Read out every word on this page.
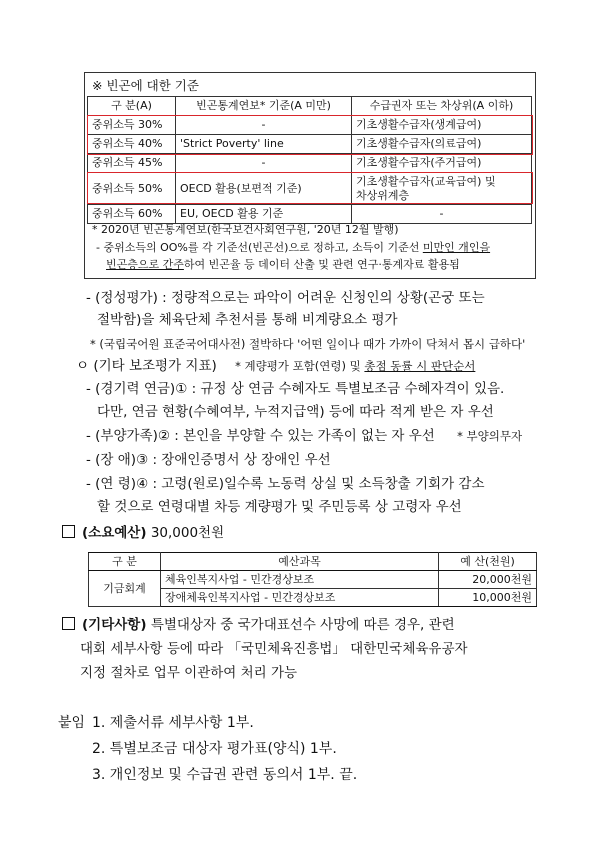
※ 빈곤에 대한 기준
구 분(A)	빈곤통계연보* 기준(A 미만)	수급권자 또는 차상위(A 이하)
중위소득 30%	-	기초생활수급자(생계급여)
중위소득 40%	'Strict Poverty' line	기초생활수급자(의료급여)
중위소득 45%	-	기초생활수급자(주거급여)
중위소득 50%	OECD 활용(보편적 기준)	기초생활수급자(교육급여) 및
차상위계층
중위소득 60%	EU, OECD 활용 기준	-
* 2020년 빈곤통계연보(한국보건사회연구원, '20년 12월 발행)
- 중위소득의 OO%를 각 기준선(빈곤선)으로 정하고, 소득이 기준선 미만인 개인을
빈곤층으로 간주하여 빈곤율 등 데이터 산출 및 관련 연구·통계자료 활용됨
- (정성평가) : 정량적으로는 파악이 어려운 신청인의 상황(곤궁 또는
절박함)을 체육단체 추천서를 통해 비계량요소 평가
* (국립국어원 표준국어대사전) 절박하다 '어떤 일이나 때가 가까이 닥쳐서 몹시 급하다'
ㅇ (기타 보조평가 지표) * 계량평가 포함(연령) 및 총점 동률 시 판단순서
- (경기력 연금)① : 규정 상 연금 수혜자도 특별보조금 수혜자격이 있음.
다만, 연금 현황(수혜여부, 누적지급액) 등에 따라 적게 받은 자 우선
- (부양가족)② : 본인을 부양할 수 있는 가족이 없는 자 우선 * 부양의무자
- (장 애)③ : 장애인증명서 상 장애인 우선
- (연 령)④ : 고령(원로)일수록 노동력 상실 및 소득창출 기회가 감소
할 것으로 연령대별 차등 계량평가 및 주민등록 상 고령자 우선
(소요예산) 30,000천원
구 분	예산과목	예 산(천원)
기금회계	체육인복지사업 - 민간경상보조	20,000천원
	장애체육인복지사업 - 민간경상보조	10,000천원
(기타사항) 특별대상자 중 국가대표선수 사망에 따른 경우, 관련
대회 세부사항 등에 따라 「국민체육진흥법」 대한민국체육유공자
지정 절차로 업무 이관하여 처리 가능
붙임 1. 제출서류 세부사항 1부.
2. 특별보조금 대상자 평가표(양식) 1부.
3. 개인정보 및 수급권 관련 동의서 1부. 끝.
